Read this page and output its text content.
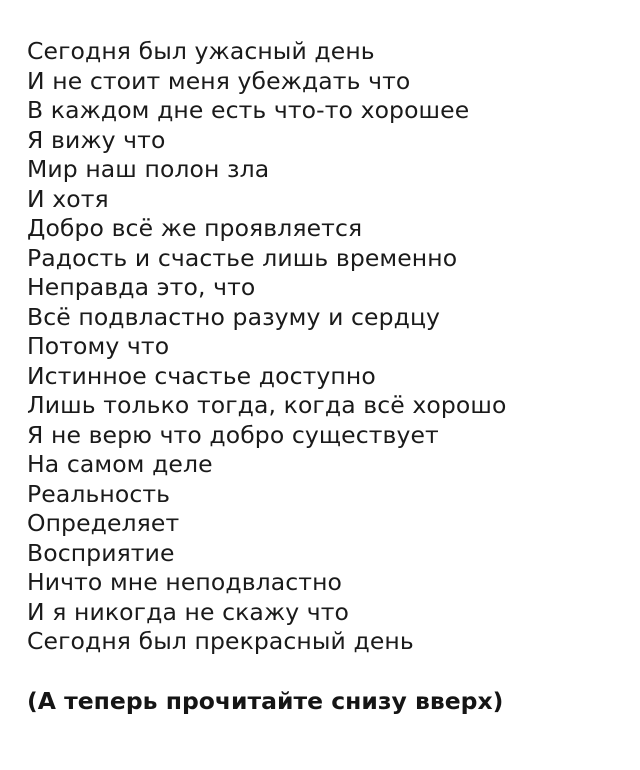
Сегодня был ужасный день
И не стоит меня убеждать что
В каждом дне есть что-то хорошее
Я вижу что
Мир наш полон зла
И хотя
Добро всё же проявляется
Радость и счастье лишь временно
Неправда это, что
Всё подвластно разуму и сердцу
Потому что
Истинное счастье доступно
Лишь только тогда, когда всё хорошо
Я не верю что добро существует
На самом деле
Реальность
Определяет
Восприятие
Ничто мне неподвластно
И я никогда не скажу что
Сегодня был прекрасный день
(А теперь прочитайте снизу вверх)
